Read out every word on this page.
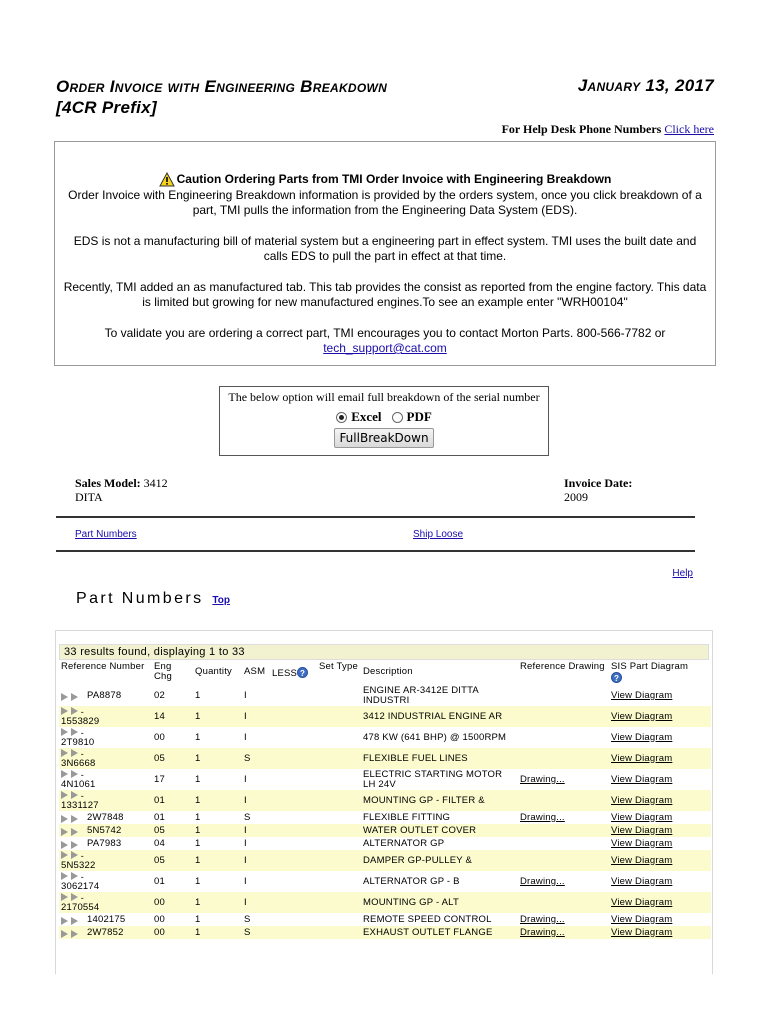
Order Invoice with Engineering Breakdown
[4CR Prefix]
January 13, 2017
For Help Desk Phone Numbers Click here
Caution Ordering Parts from TMI Order Invoice with Engineering Breakdown

Order Invoice with Engineering Breakdown information is provided by the orders system, once you click breakdown of a part, TMI pulls the information from the Engineering Data System (EDS).

EDS is not a manufacturing bill of material system but a engineering part in effect system. TMI uses the built date and calls EDS to pull the part in effect at that time.

Recently, TMI added an as manufactured tab. This tab provides the consist as reported from the engine factory. This data is limited but growing for new manufactured engines.To see an example enter "WRH00104"

To validate you are ordering a correct part, TMI encourages you to contact Morton Parts. 800-566-7782 or
tech_support@cat.com
The below option will email full breakdown of the serial number
Excel PDF
FullBreakDown
Sales Model: 3412
DITA
Invoice Date:
2009
Part Numbers	Ship Loose
Help
Part Numbers Top
33 results found, displaying 1 to 33
Reference Number	Eng Chg	Quantity	ASM	LESS ?	Set Type	Description	Reference Drawing	SIS Part Diagram
?

PA8878	02	1	I			ENGINE AR-3412E DITTA INDUSTRI		View Diagram

-
1553829	14	1	I			3412 INDUSTRIAL ENGINE AR		View Diagram

-
2T9810	00	1	I			478 KW (641 BHP) @ 1500RPM		View Diagram

-
3N6668	05	1	S			FLEXIBLE FUEL LINES		View Diagram

-
4N1061	17	1	I			ELECTRIC STARTING MOTOR LH 24V	Drawing...	View Diagram

-
1331127	01	1	I			MOUNTING GP - FILTER &		View Diagram

2W7848	01	1	S			FLEXIBLE FITTING	Drawing...	View Diagram

5N5742	05	1	I			WATER OUTLET COVER		View Diagram

PA7983	04	1	I			ALTERNATOR GP		View Diagram

-
5N5322	05	1	I			DAMPER GP-PULLEY &		View Diagram

-
3062174	01	1	I			ALTERNATOR GP - B	Drawing...	View Diagram

-
2170554	00	1	I			MOUNTING GP - ALT		View Diagram

1402175	00	1	S			REMOTE SPEED CONTROL	Drawing...	View Diagram

2W7852	00	1	S			EXHAUST OUTLET FLANGE	Drawing...	View Diagram
